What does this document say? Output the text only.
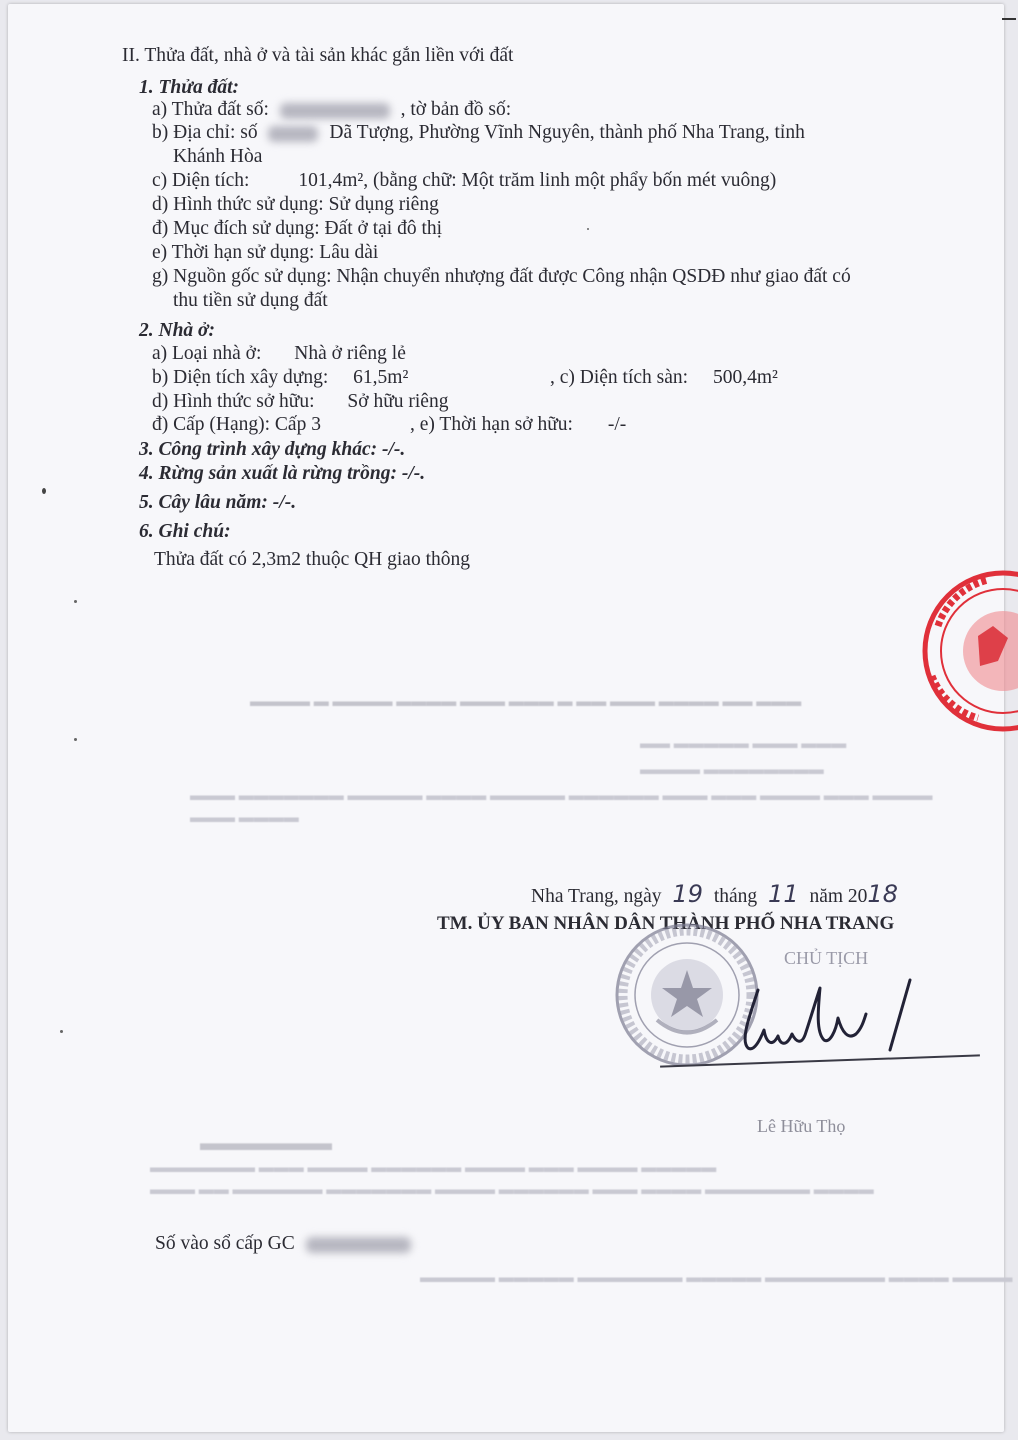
▬▬▬▬ ▬ ▬▬▬▬ ▬▬▬▬ ▬▬▬ ▬▬▬ ▬ ▬▬ ▬▬▬ ▬▬▬▬ ▬▬ ▬▬▬
▬▬ ▬▬▬▬▬ ▬▬▬ ▬▬▬
▬▬▬▬ ▬▬▬▬▬▬▬▬
▬▬▬ ▬▬▬▬▬▬▬ ▬▬▬▬▬ ▬▬▬▬ ▬▬▬▬▬ ▬▬▬▬▬▬ ▬▬▬ ▬▬▬ ▬▬▬▬ ▬▬▬ ▬▬▬▬
▬▬▬ ▬▬▬▬
▬▬▬▬▬▬
▬▬▬▬▬▬▬ ▬▬▬ ▬▬▬▬ ▬▬▬▬▬▬ ▬▬▬▬ ▬▬▬ ▬▬▬▬ ▬▬▬▬▬
▬▬▬ ▬▬ ▬▬▬▬▬▬ ▬▬▬▬▬▬▬ ▬▬▬▬ ▬▬▬▬▬▬ ▬▬▬ ▬▬▬▬ ▬▬▬▬▬▬▬ ▬▬▬▬
▬▬▬▬▬ ▬▬▬▬▬ ▬▬▬▬▬▬▬ ▬▬▬▬▬ ▬▬▬▬▬▬▬▬ ▬▬▬▬ ▬▬▬▬
II. Thửa đất, nhà ở và tài sản khác gắn liền với đất
1. Thửa đất:
a) Thửa đất số:	, tờ bản đồ số:
b) Địa chỉ: số	Dã Tượng, Phường Vĩnh Nguyên, thành phố Nha Trang, tỉnh
Khánh Hòa
c) Diện tích:	101,4m², (bằng chữ: Một trăm linh một phẩy bốn mét vuông)
d) Hình thức sử dụng: Sử dụng riêng
đ) Mục đích sử dụng: Đất ở tại đô thị
e) Thời hạn sử dụng: Lâu dài
g) Nguồn gốc sử dụng: Nhận chuyển nhượng đất được Công nhận QSDĐ như giao đất có
thu tiền sử dụng đất
2. Nhà ở:
a) Loại nhà ở: Nhà ở riêng lẻ
b) Diện tích xây dựng: 61,5m²	, c) Diện tích sàn: 500,4m²
d) Hình thức sở hữu: Sở hữu riêng
đ) Cấp (Hạng): Cấp 3	, e) Thời hạn sở hữu: -/-
3. Công trình xây dựng khác: -/-.
4. Rừng sản xuất là rừng trồng: -/-.
5. Cây lâu năm: -/-.
6. Ghi chú:
Thửa đất có 2,3m2 thuộc QH giao thông
Nha Trang, ngày 19 tháng 11 năm 2018
TM. ỦY BAN NHÂN DÂN THÀNH PHỐ NHA TRANG
CHỦ TỊCH
Lê Hữu Thọ
Số vào sổ cấp GC
